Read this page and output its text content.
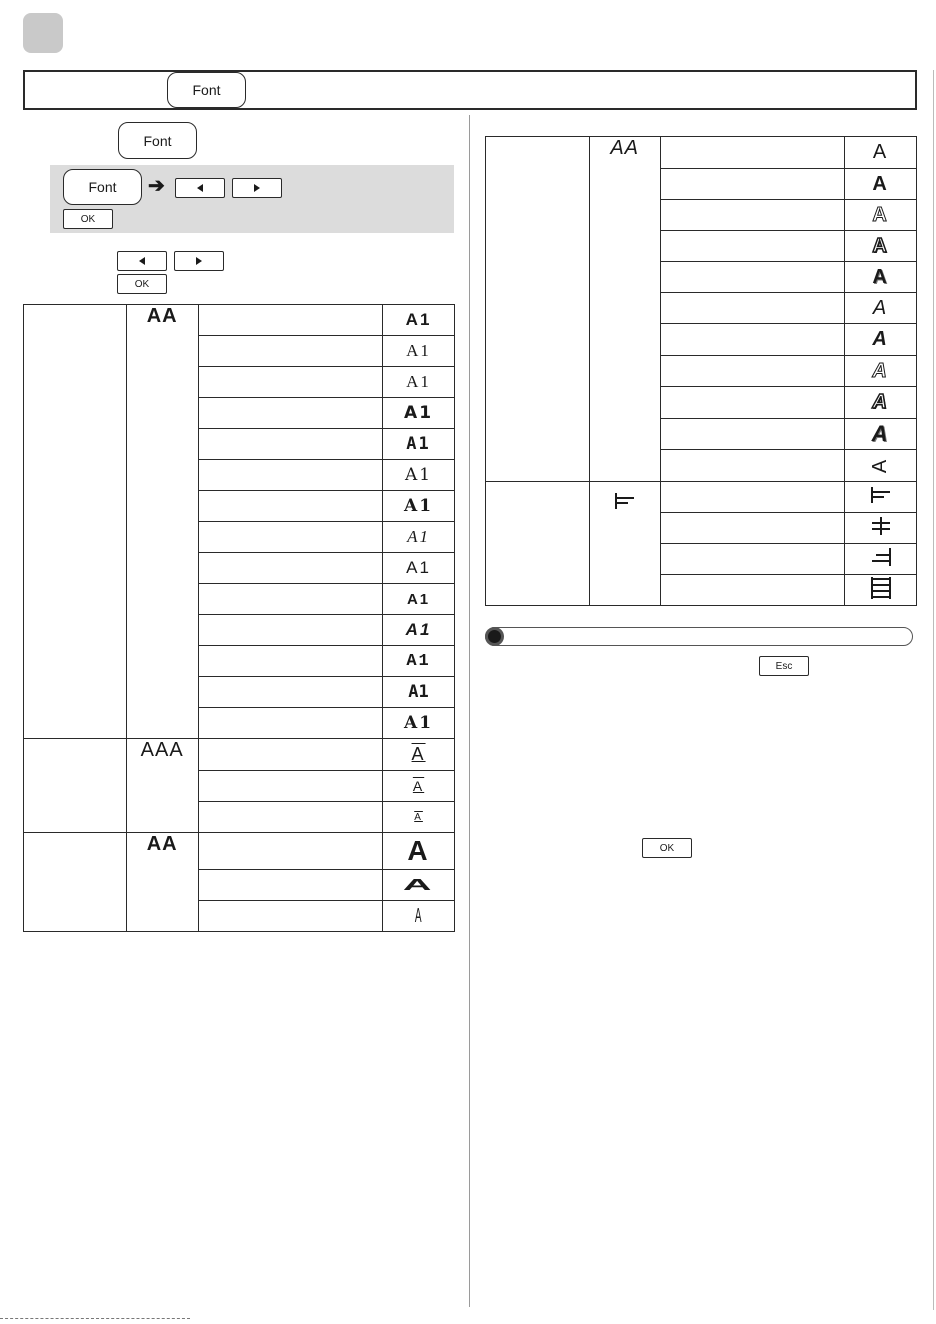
Font
Font
Font ➔
OK
OK
	AA		A1
			A1
			A1
			A1
			A1
			A1
			A1
			A1
			A1
			A1
			A1
			A1
			A1
			A1
	AAA		A
			A
			A
	AA		A
			A
			A
	AA		A
			A
			A
			A
			A
			A
			A
			A
			A
			A
			A

Esc
OK
